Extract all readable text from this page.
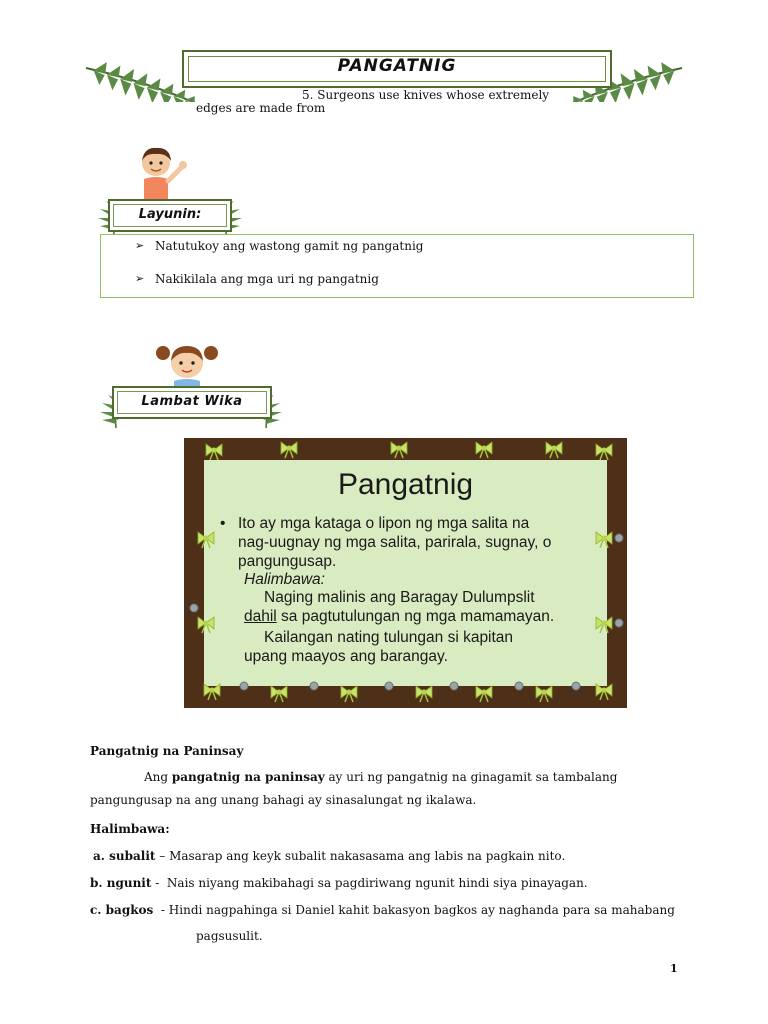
PANGATNIG
5. Surgeons use knives whose extremely
edges are made from
Layunin:
➢ Natutukoy ang wastong gamit ng pangatnig
➢ Nakikilala ang mga uri ng pangatnig
Lambat Wika
Pangatnig
• Ito ay mga kataga o lipon ng mga salita na
nag-uugnay ng mga salita, parirala, sugnay, o
pangungusap.
Halimbawa:
Naging malinis ang Baragay Dulumpslit
dahil sa pagtutulungan ng mga mamamayan.
Kailangan nating tulungan si kapitan
upang maayos ang barangay.
Pangatnig na Paninsay
Ang pangatnig na paninsay ay uri ng pangatnig na ginagamit sa tambalang
pangungusap na ang unang bahagi ay sinasalungat ng ikalawa.
Halimbawa:
a. subalit – Masarap ang keyk subalit nakasasama ang labis na pagkain nito.
b. ngunit -  Nais niyang makibahagi sa pagdiriwang ngunit hindi siya pinayagan.
c. bagkos  - Hindi nagpahinga si Daniel kahit bakasyon bagkos ay naghanda para sa mahabang
pagsusulit.
1
